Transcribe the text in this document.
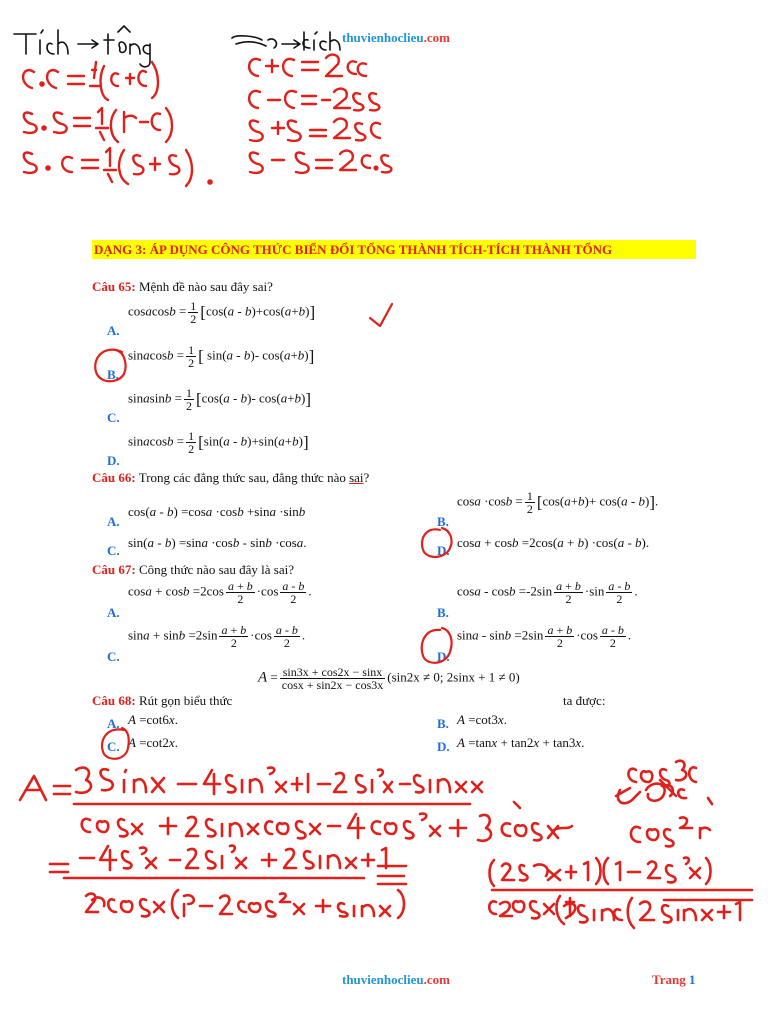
thuvienhoclieu.com
DẠNG 3: ÁP DỤNG CÔNG THỨC BIẾN ĐỔI TỔNG THÀNH TÍCH-TÍCH THÀNH TỔNG
Câu 65: Mệnh đề nào sau đây sai?
A.
cosacosb = $\frac{1}{2} [\cos(a - b)+\cos(a+b)]$
B.
sinacosb = $\frac{1}{2}$ [ sin(a - b)- cos(a+b)]
C.
sinasinb = $\frac{1}{2} [\cos(a - b)-$ cos(a+b)]
D.
sinacosb = $\frac{1}{2} [\sin(a - b)+\sin(a+b)]$
Câu 66: Trong các đẳng thức sau, đẳng thức nào sai?
A.
cos(a - b) =cosa ·cosb +sina ·sinb
B.
$\cos a \cdot\cos b = \frac{1}{2} [\cos(a+b)+ \cos(a - b)]$.
C.
sin(a - b) =sina ·cosb - sinb ·cosa.
D.
cosa + cosb =2cos(a + b) ·cos(a - b).
Câu 67: Công thức nào sau đây là sai?
A.
$\cos a + \cos b =2\cos \frac{a + b}{2} \cdot\cos \frac{a - b}{2}$ .
B.
$\cos a - \cos b =-2\sin \frac{a + b}{2} \cdot\sin \frac{a - b}{2}$ .
C.
$\sin a + \sin b =2\sin \frac{a + b}{2} \cdot\cos \frac{a - b}{2}$ .
D.
$\sin a - \sin b =2\sin \frac{a + b}{2} \cdot\cos \frac{a - b}{2}$ .
Câu 68: Rút gọn biểu thức
$A = \frac{\sin 3x + \cos 2x - \sin x}{\cos x + \sin 2x - \cos 3x} (\sin 2x \ne 0$; 2sinx + 1 ≠ 0)
ta được:
A. A =cot6x.	B. A =cot3x.
C. A =cot2x.	D. A =tanx + tan2x + tan3x.
thuvienhoclieu.com	Trang 1
